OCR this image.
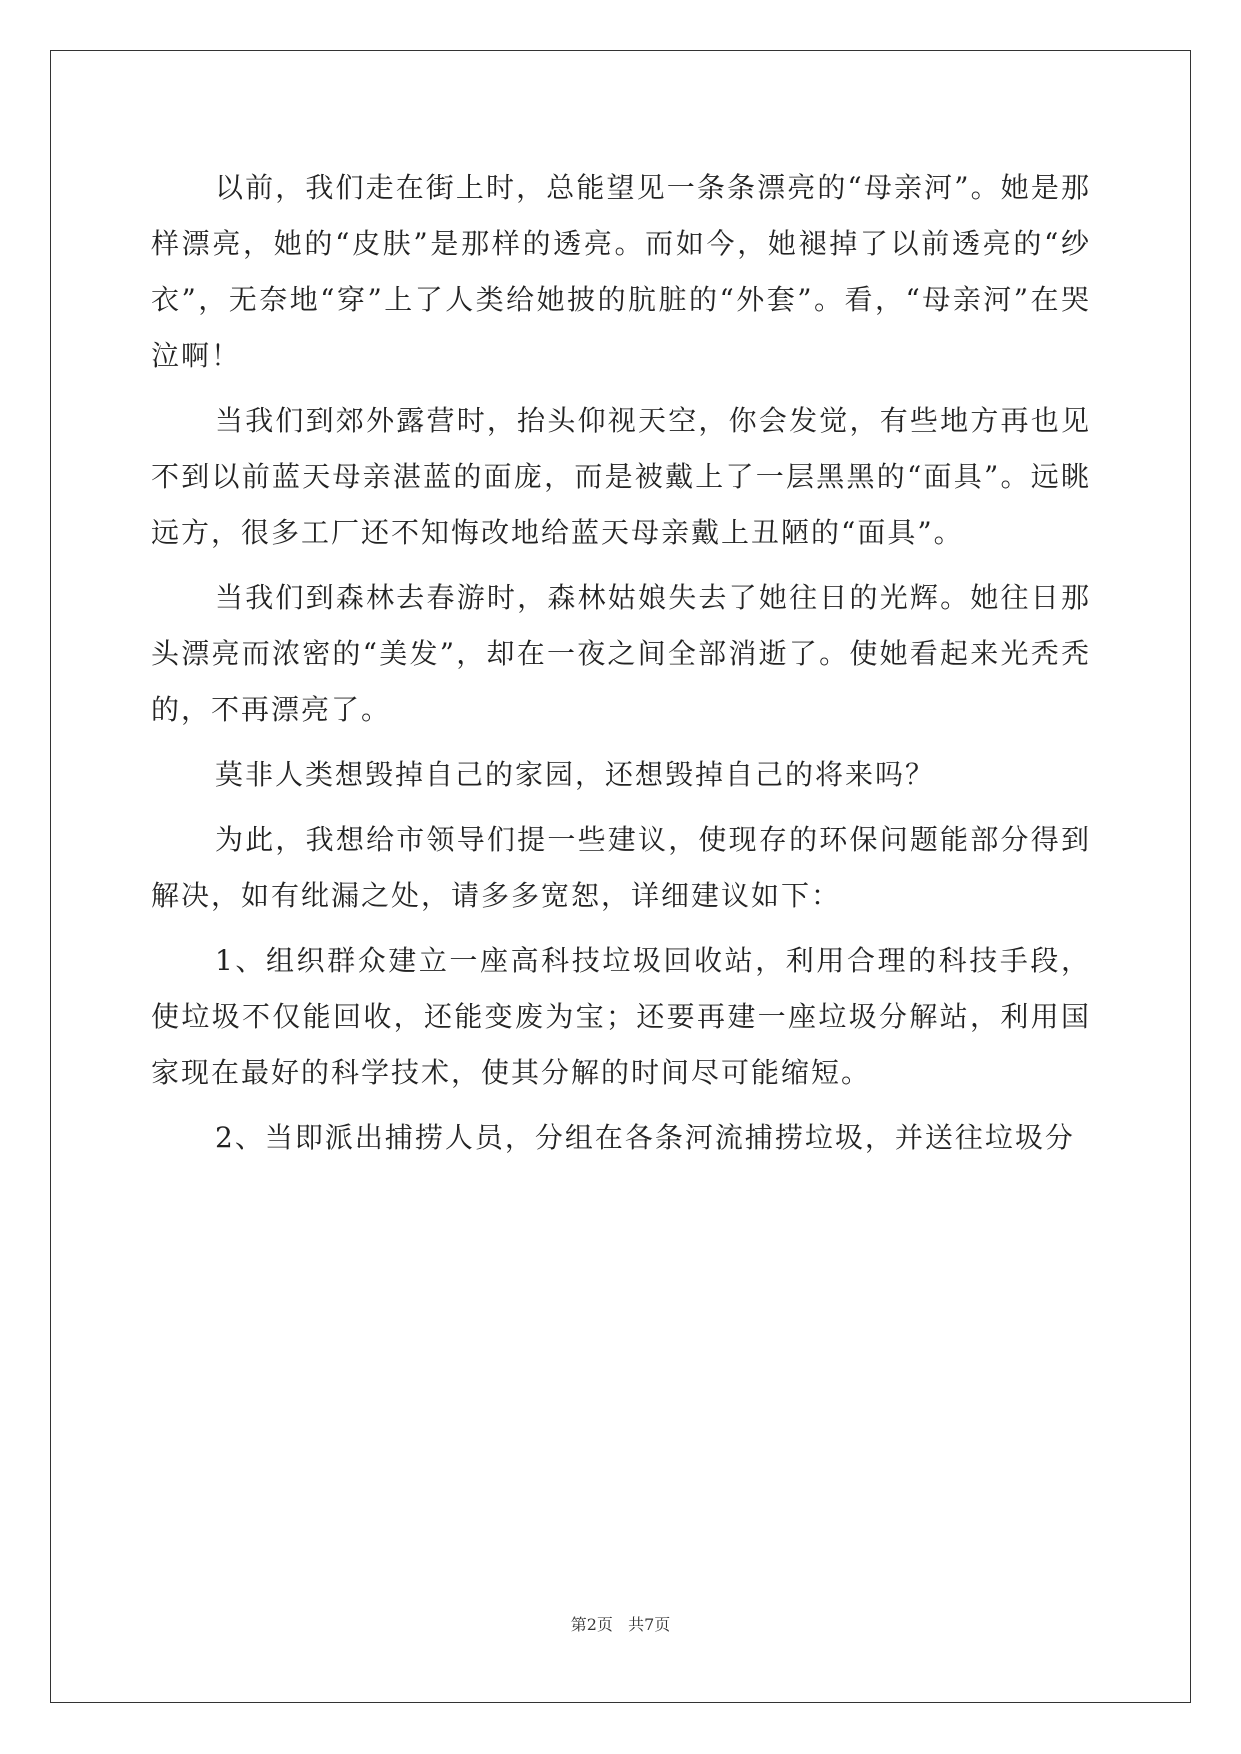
以前，我们走在街上时，总能望见一条条漂亮的“母亲河”。她是那样漂亮，她的“皮肤”是那样的透亮。而如今，她褪掉了以前透亮的“纱衣”，无奈地“穿”上了人类给她披的肮脏的“外套”。看，“母亲河”在哭泣啊！

当我们到郊外露营时，抬头仰视天空，你会发觉，有些地方再也见不到以前蓝天母亲湛蓝的面庞，而是被戴上了一层黑黑的“面具”。远眺远方，很多工厂还不知悔改地给蓝天母亲戴上丑陋的“面具”。

当我们到森林去春游时，森林姑娘失去了她往日的光辉。她往日那头漂亮而浓密的“美发”，却在一夜之间全部消逝了。使她看起来光秃秃的，不再漂亮了。

莫非人类想毁掉自己的家园，还想毁掉自己的将来吗？

为此，我想给市领导们提一些建议，使现存的环保问题能部分得到解决，如有纰漏之处，请多多宽恕，详细建议如下：

1、组织群众建立一座高科技垃圾回收站，利用合理的科技手段，使垃圾不仅能回收，还能变废为宝；还要再建一座垃圾分解站，利用国家现在最好的科学技术，使其分解的时间尽可能缩短。

2、当即派出捕捞人员，分组在各条河流捕捞垃圾，并送往垃圾分

第2页   共7页
